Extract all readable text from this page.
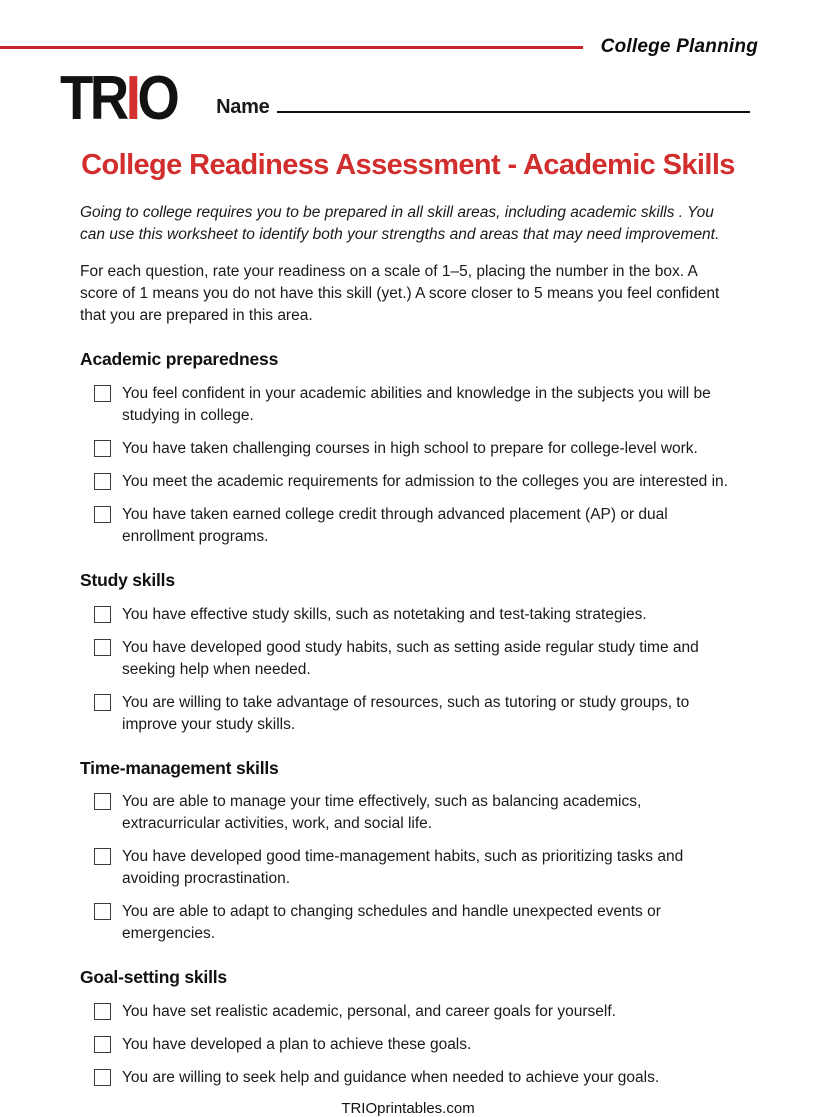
College Planning
TRIO Name
College Readiness Assessment - Academic Skills

Going to college requires you to be prepared in all skill areas, including academic skills . You can use this worksheet to identify both your strengths and areas that may need improvement.

For each question, rate your readiness on a scale of 1–5, placing the number in the box. A score of 1 means you do not have this skill (yet.) A score closer to 5 means you feel confident that you are prepared in this area.

Academic preparedness
You feel confident in your academic abilities and knowledge in the subjects you will be studying in college.
You have taken challenging courses in high school to prepare for college-level work.
You meet the academic requirements for admission to the colleges you are interested in.
You have taken earned college credit through advanced placement (AP) or dual enrollment programs.
Study skills
You have effective study skills, such as notetaking and test-taking strategies.
You have developed good study habits, such as setting aside regular study time and seeking help when needed.
You are willing to take advantage of resources, such as tutoring or study groups, to improve your study skills.
Time-management skills
You are able to manage your time effectively, such as balancing academics, extracurricular activities, work, and social life.
You have developed good time-management habits, such as prioritizing tasks and avoiding procrastination.
You are able to adapt to changing schedules and handle unexpected events or emergencies.
Goal-setting skills
You have set realistic academic, personal, and career goals for yourself.
You have developed a plan to achieve these goals.
You are willing to seek help and guidance when needed to achieve your goals.
TRIOprintables.com
